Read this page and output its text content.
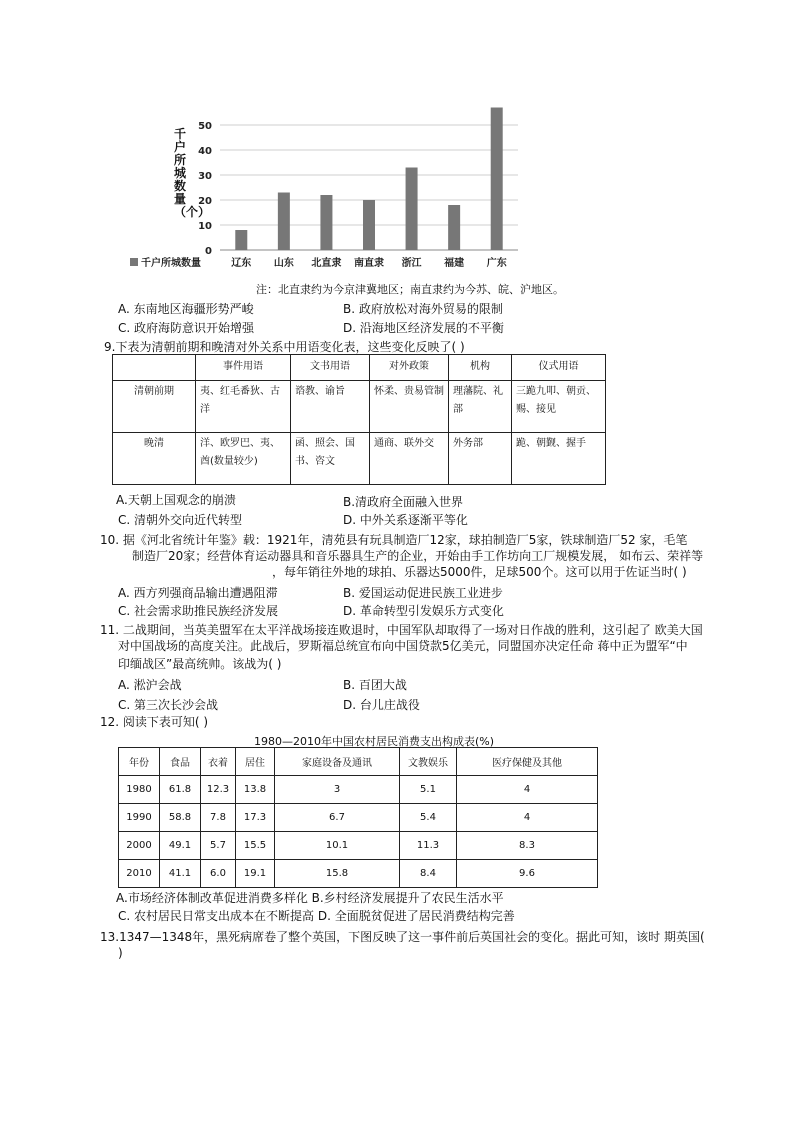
0
10
20
30
40
50
辽东 山东 北直隶 南直隶 浙江 福建 广东
千户所城数量
千户所城数量（个）
注：北直隶约为今京津冀地区；南直隶约为今苏、皖、沪地区。
A. 东南地区海疆形势严峻	B. 政府放松对海外贸易的限制
C. 政府海防意识开始增强	D. 沿海地区经济发展的不平衡
9.下表为清朝前期和晚清对外关系中用语变化表，这些变化反映了( )
	事件用语	文书用语	对外政策	机构	仪式用语
清朝前期	夷、红毛番狄、古洋	谘教、谕旨	怀柔、贵易管制	理藩院、礼部	三跪九叩、朝贡、赐、接见
晚清	洋、欧罗巴、夷、酋(数量较少)	函、照会、国书、咨文	通商、联外交	外务部	跪、朝觐、握手
A.天朝上国观念的崩溃	B.清政府全面融入世界
C. 清朝外交向近代转型	D. 中外关系逐渐平等化
10. 据《河北省统计年鉴》载：1921年，清苑县有玩具制造厂12家，球拍制造厂5家，铁球制造厂52 家，毛笔
制造厂20家；经营体育运动器具和音乐器具生产的企业，开始由手工作坊向工厂规模发展， 如布云、荣祥等
，每年销往外地的球拍、乐器达5000件，足球500个。这可以用于佐证当时( )
A. 西方列强商品输出遭遇阻滞	B. 爱国运动促进民族工业进步
C. 社会需求助推民族经济发展	D. 革命转型引发娱乐方式变化
11. 二战期间，当英美盟军在太平洋战场接连败退时，中国军队却取得了一场对日作战的胜利，这引起了 欧美大国
对中国战场的高度关注。此战后，罗斯福总统宣布向中国贷款5亿美元，同盟国亦决定任命 蒋中正为盟军“中
印缅战区”最高统帅。该战为( )
A. 淞沪会战	B. 百团大战
C. 第三次长沙会战	D. 台儿庄战役
12. 阅读下表可知( )
1980—2010年中国农村居民消费支出构成表(%)
年份	食品	衣着	居住	家庭设备及通讯	文教娱乐	医疗保健及其他
1980	61.8	12.3	13.8	3	5.1	4
1990	58.8	7.8	17.3	6.7	5.4	4
2000	49.1	5.7	15.5	10.1	11.3	8.3
2010	41.1	6.0	19.1	15.8	8.4	9.6
A.市场经济体制改革促进消费多样化 B.乡村经济发展提升了农民生活水平
C. 农村居民日常支出成本在不断提高 D. 全面脱贫促进了居民消费结构完善
13.1347—1348年，黑死病席卷了整个英国，下图反映了这一事件前后英国社会的变化。据此可知，该时 期英国(
)
